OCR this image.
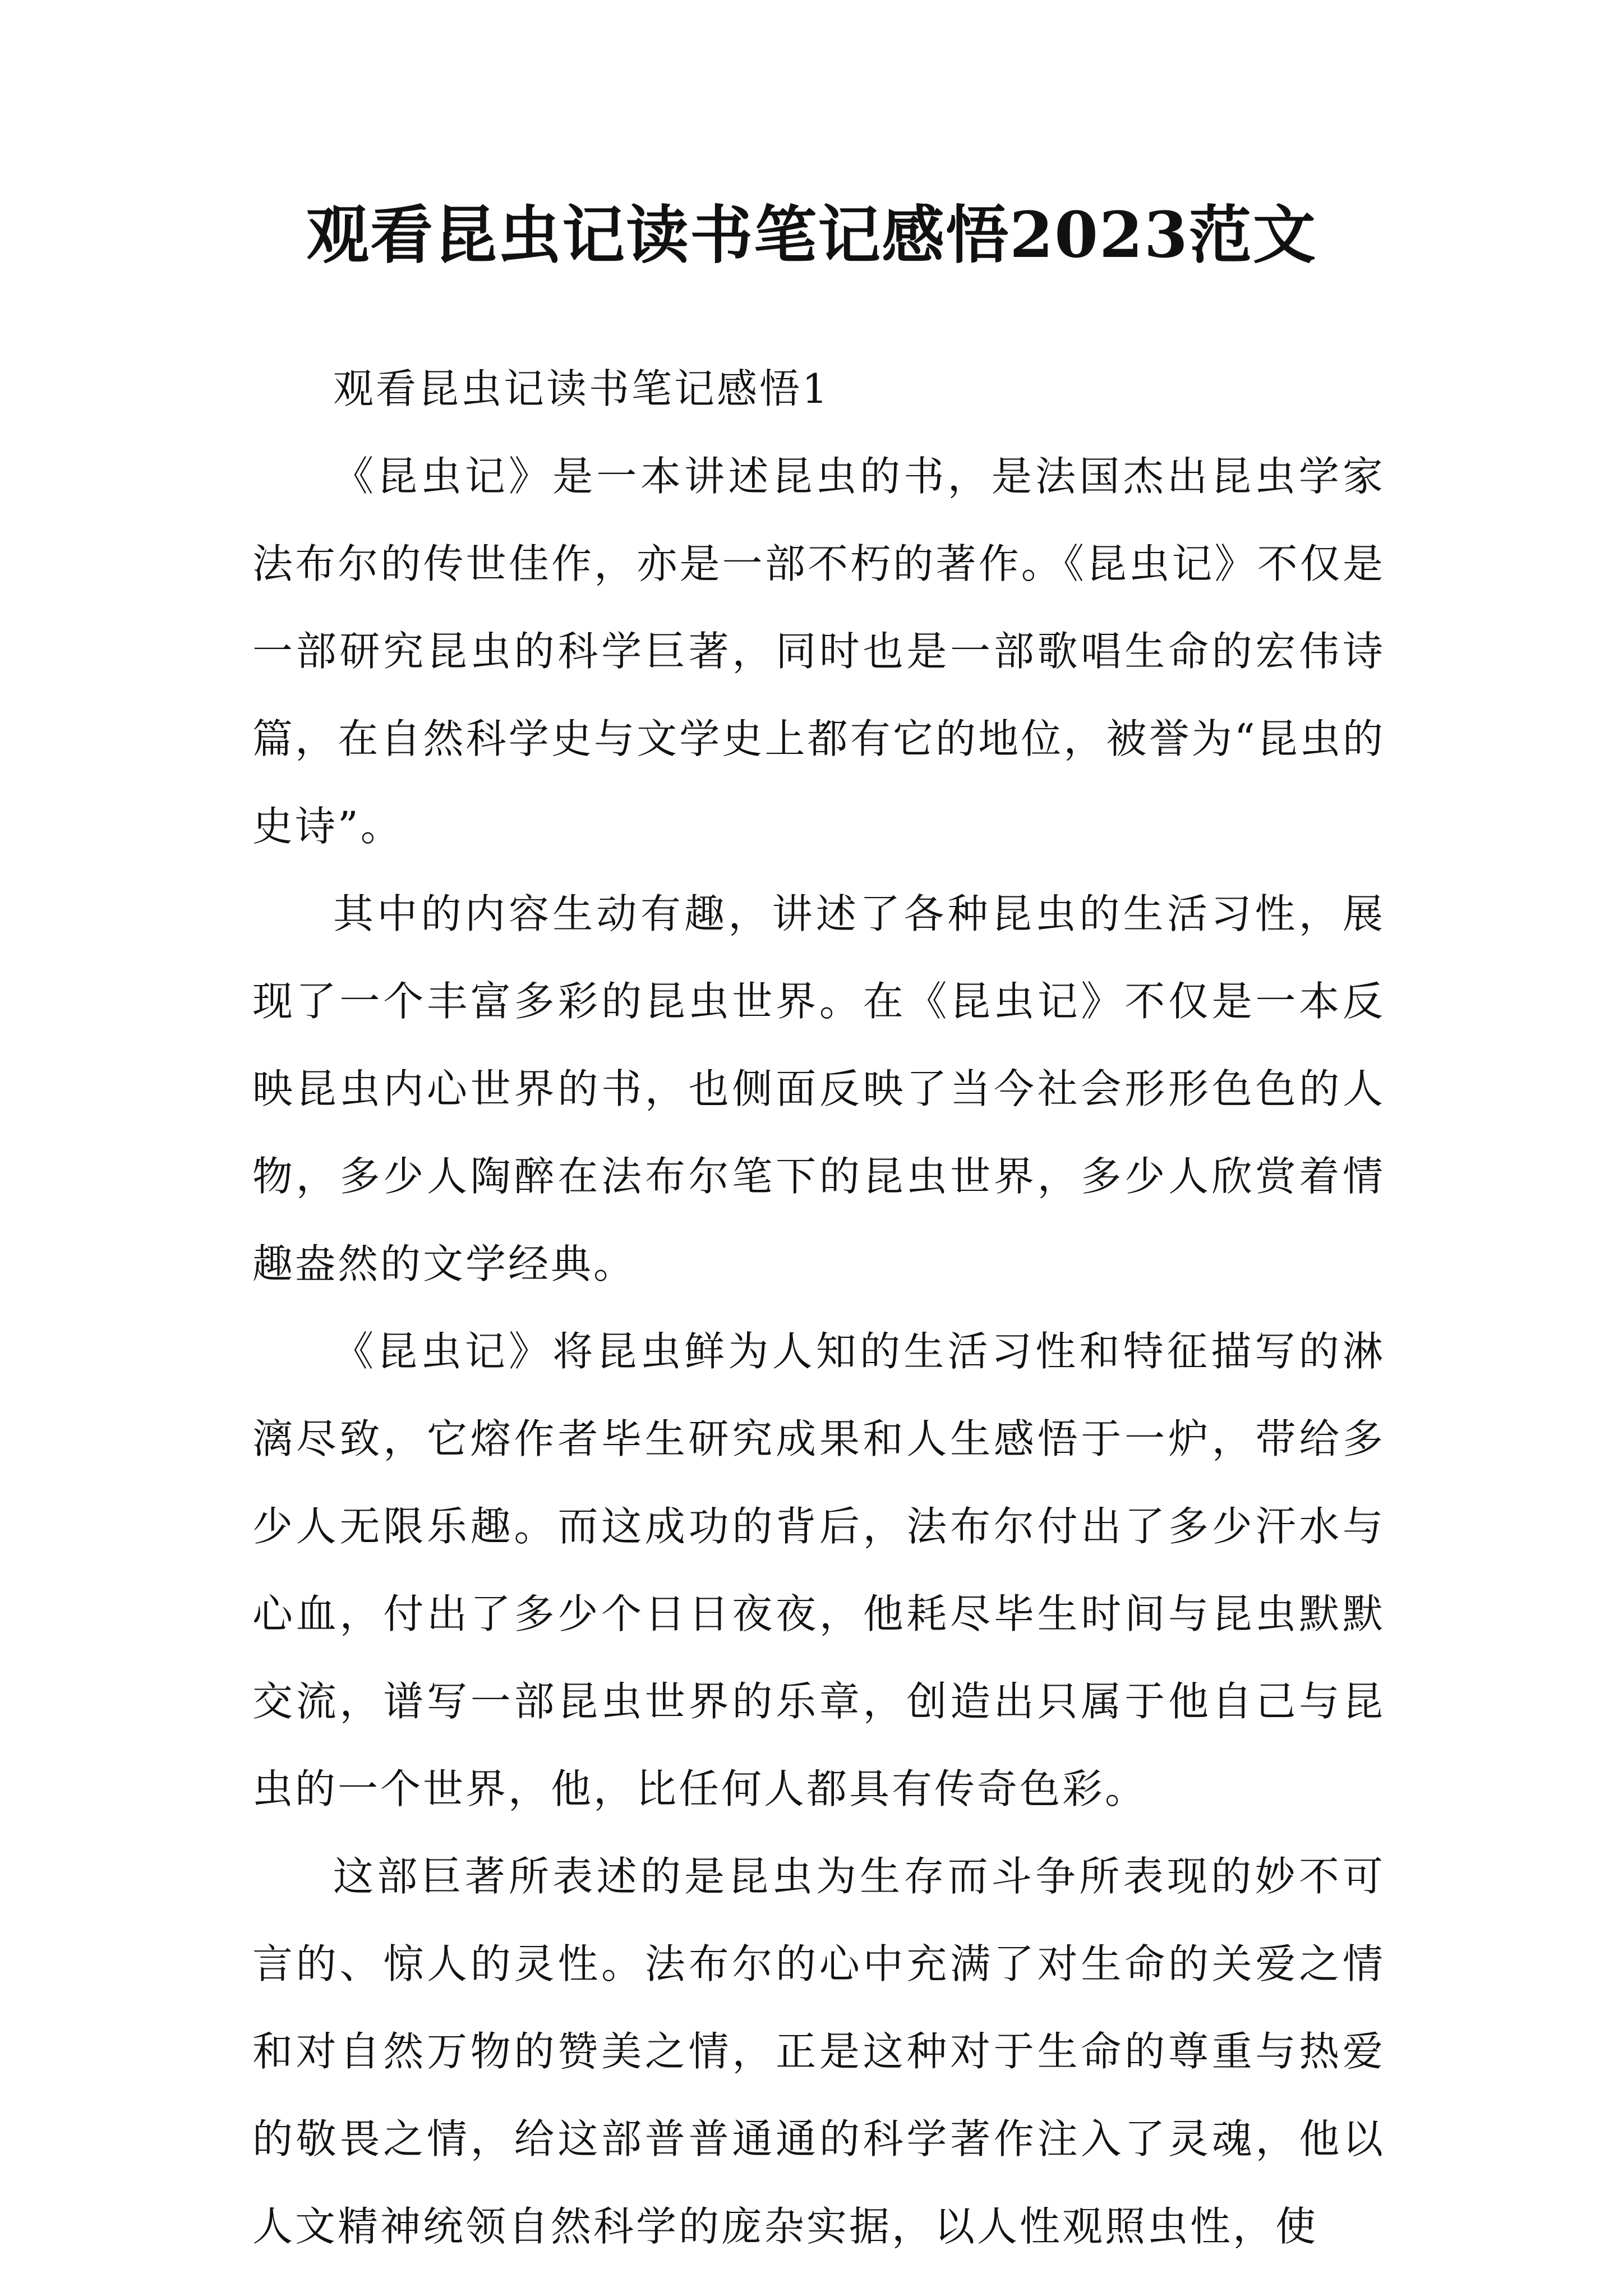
观看昆虫记读书笔记感悟2023范文

观看昆虫记读书笔记感悟1

《昆虫记》是一本讲述昆虫的书，是法国杰出昆虫学家法布尔的传世佳作，亦是一部不朽的著作。《昆虫记》不仅是一部研究昆虫的科学巨著，同时也是一部歌唱生命的宏伟诗篇，在自然科学史与文学史上都有它的地位，被誉为“昆虫的史诗”。

其中的内容生动有趣，讲述了各种昆虫的生活习性，展现了一个丰富多彩的昆虫世界。在《昆虫记》不仅是一本反映昆虫内心世界的书，也侧面反映了当今社会形形色色的人物，多少人陶醉在法布尔笔下的昆虫世界，多少人欣赏着情趣盎然的文学经典。

《昆虫记》将昆虫鲜为人知的生活习性和特征描写的淋漓尽致，它熔作者毕生研究成果和人生感悟于一炉，带给多少人无限乐趣。而这成功的背后，法布尔付出了多少汗水与心血，付出了多少个日日夜夜，他耗尽毕生时间与昆虫默默交流，谱写一部昆虫世界的乐章，创造出只属于他自己与昆虫的一个世界，他，比任何人都具有传奇色彩。

这部巨著所表述的是昆虫为生存而斗争所表现的妙不可言的、惊人的灵性。法布尔的心中充满了对生命的关爱之情和对自然万物的赞美之情，正是这种对于生命的尊重与热爱的敬畏之情，给这部普普通通的科学著作注入了灵魂，他以人文精神统领自然科学的庞杂实据，以人性观照虫性，使
